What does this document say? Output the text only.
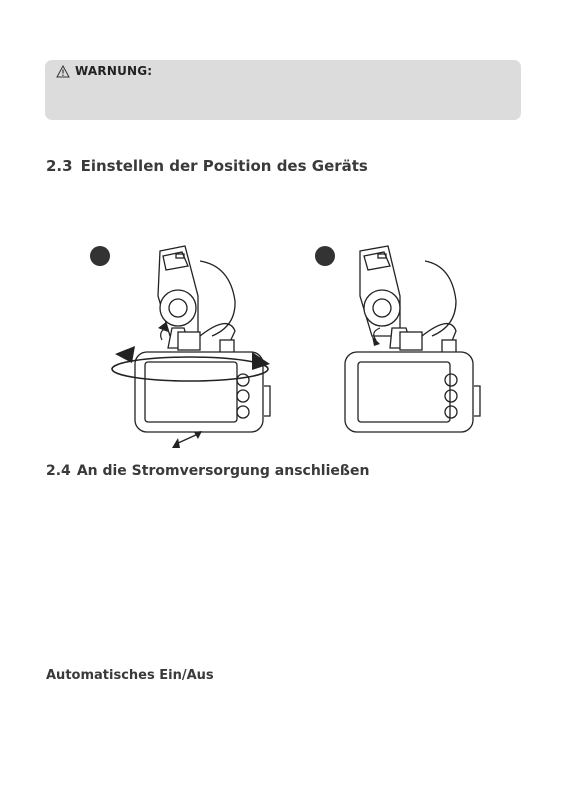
WARNUNG:
2.3 Einstellen der Position des Geräts
2.4 An die Stromversorgung anschließen
Automatisches Ein/Aus
